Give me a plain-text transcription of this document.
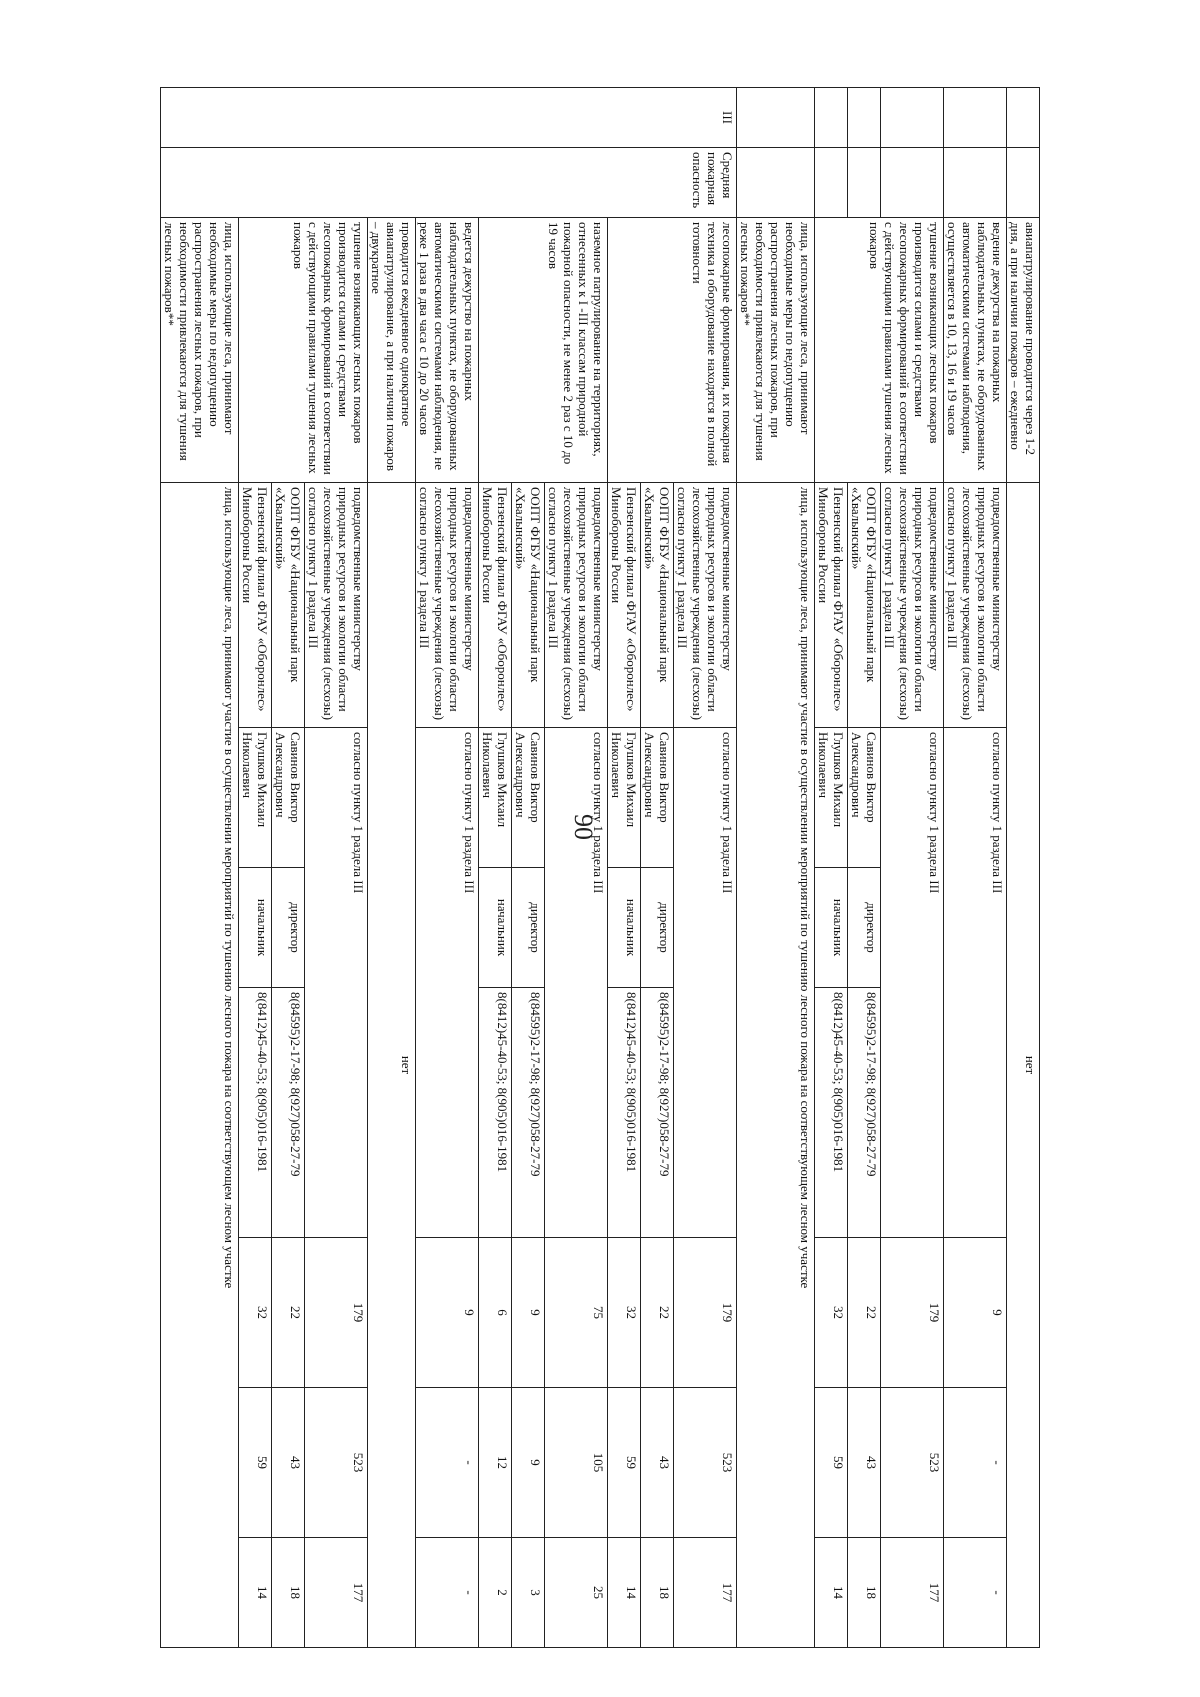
90
		авиапатрулирование проводится через 1-2 дня, а при наличии пожаров – ежедневно	нет						
		ведение дежурства на пожарных наблюдательных пунктах, не оборудованных автоматическими системами наблюдения, осуществляется в 10, 13, 16 и 19 часов	подведомственные министерству природных ресурсов и экологии области лесохозяйственные учреждения (лесхозы) согласно пункту 1 раздела III	согласно пункту 1 раздела III			9	-	-
		тушение возникающих лесных пожаров производится силами и средствами лесопожарных формирований в соответствии с действующими правилами тушения лесных пожаров	подведомственные министерству природных ресурсов и экологии области лесохозяйственные учреждения (лесхозы) согласно пункту 1 раздела III	согласно пункту 1 раздела III			179	523	177
			ООПТ ФГБУ «Национальный парк «Хвалынский»	Савинов Виктор Александрович	директор	8(84595)2-17-98; 8(927)058-27-79	22	43	18
			Пензенский филиал ФГАУ «Оборонлес» Минобороны России	Глушков Михаил Николаевич	начальник	8(8412)45-40-53; 8(905)016-1981	32	59	14
		лица, использующие леса, принимают необходимые меры по недопущению распространения лесных пожаров, при необходимости привлекаются для тушения лесных пожаров**	лица, использующие леса, принимают участие в осуществлении мероприятий по тушению лесного пожара на соответствующем лесном участке						
III	Средняя пожарная опасность	лесопожарные формирования, их пожарная техника и оборудование находятся в полной готовности	подведомственные министерству природных ресурсов и экологии области лесохозяйственные учреждения (лесхозы) согласно пункту 1 раздела III	согласно пункту 1 раздела III			179	523	177
			ООПТ ФГБУ «Национальный парк «Хвалынский»	Савинов Виктор Александрович	директор	8(84595)2-17-98; 8(927)058-27-79	22	43	18
			Пензенский филиал ФГАУ «Оборонлес» Минобороны России	Глушков Михаил Николаевич	начальник	8(8412)45-40-53; 8(905)016-1981	32	59	14
		наземное патрулирование на территориях, отнесенных к I -III классам природной пожарной опасности, не менее 2 раз с 10 до 19 часов	подведомственные министерству природных ресурсов и экологии области лесохозяйственные учреждения (лесхозы) согласно пункту 1 раздела III	согласно пункту 1 раздела III			75	105	25
			ООПТ ФГБУ «Национальный парк «Хвалынский»	Савинов Виктор Александрович	директор	8(84595)2-17-98; 8(927)058-27-79	9	9	3
			Пензенский филиал ФГАУ «Оборонлес» Минобороны России	Глушков Михаил Николаевич	начальник	8(8412)45-40-53; 8(905)016-1981	6	12	2
		ведется дежурство на пожарных наблюдательных пунктах, не оборудованных автоматическими системами наблюдения, не реже 1 раза в два часа с 10 до 20 часов	подведомственные министерству природных ресурсов и экологии области лесохозяйственные учреждения (лесхозы) согласно пункту 1 раздела III	согласно пункту 1 раздела III			9	-	-
		проводится ежедневное однократное авиапатрулирование, а при наличии пожаров – двукратное	нет						
		тушение возникающих лесных пожаров производится силами и средствами лесопожарных формирований в соответствии с действующими правилами тушения лесных пожаров	подведомственные министерству природных ресурсов и экологии области лесохозяйственные учреждения (лесхозы) согласно пункту 1 раздела III	согласно пункту 1 раздела III			179	523	177
			ООПТ ФГБУ «Национальный парк «Хвалынский»	Савинов Виктор Александрович	директор	8(84595)2-17-98; 8(927)058-27-79	22	43	18
			Пензенский филиал ФГАУ «Оборонлес» Минобороны России	Глушков Михаил Николаевич	начальник	8(8412)45-40-53; 8(905)016-1981	32	59	14
		лица, использующие леса, принимают необходимые меры по недопущению распространения лесных пожаров, при необходимости привлекаются для тушения лесных пожаров**	лица, использующие леса, принимают участие в осуществлении мероприятий по тушению лесного пожара на соответствующем лесном участке						
